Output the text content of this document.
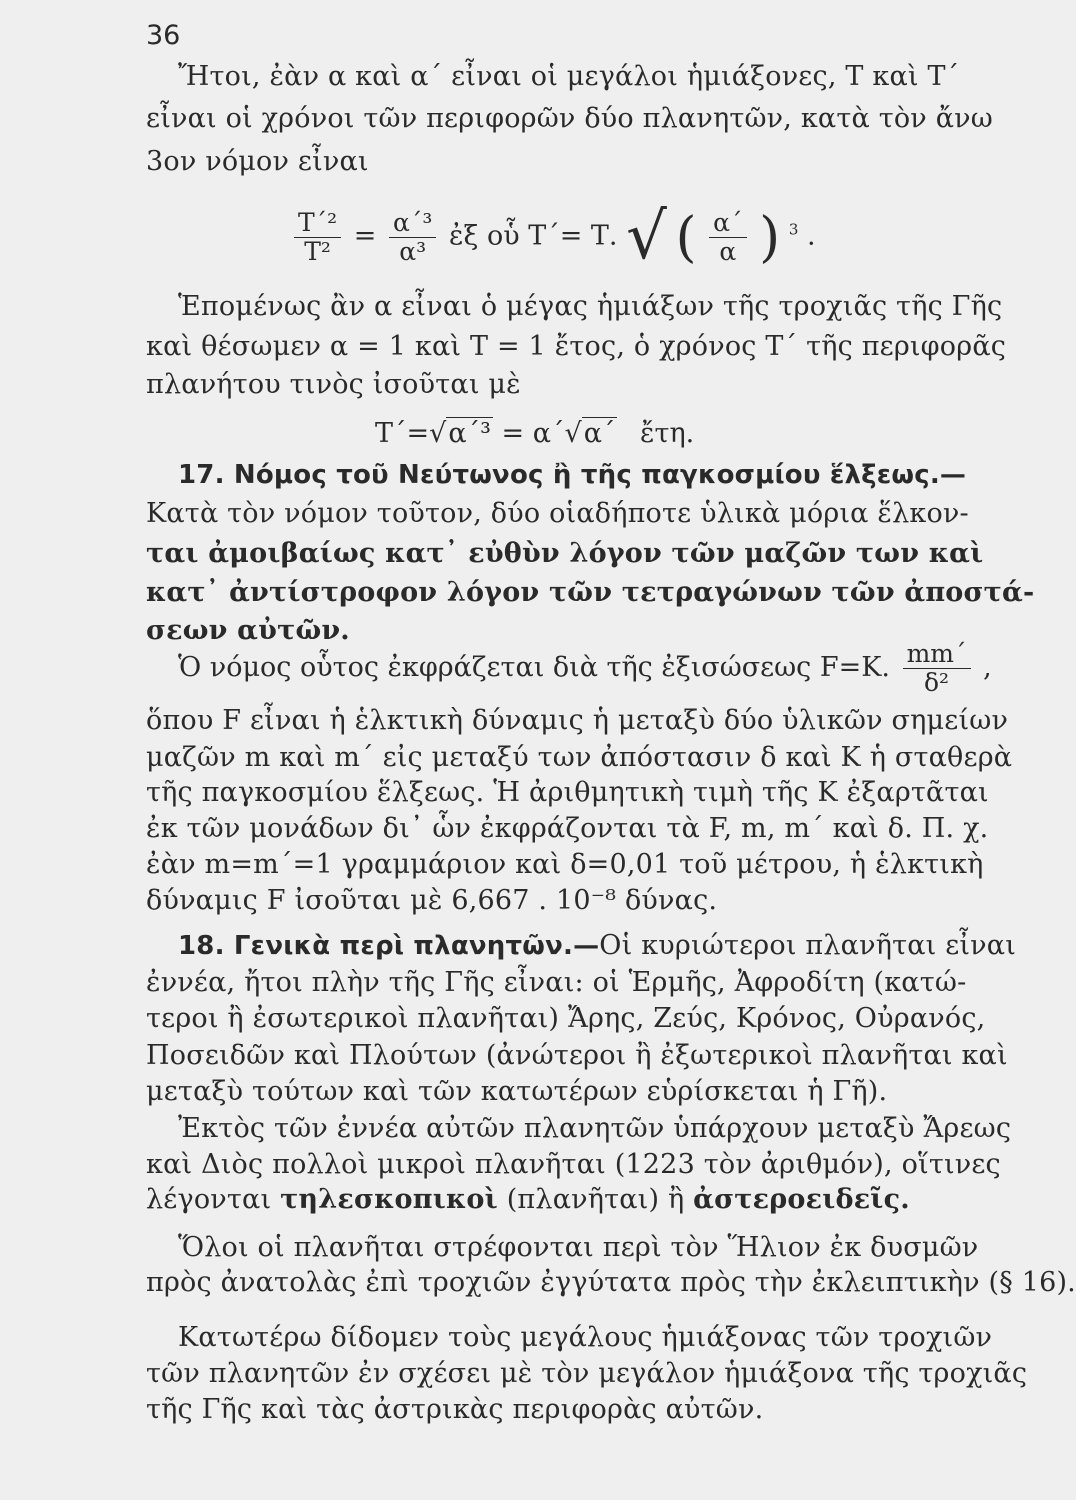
36
Ἤτοι, ἐὰν α καὶ α΄ εἶναι οἱ μεγάλοι ἡμιάξονες, Τ καὶ Τ΄
εἶναι οἱ χρόνοι τῶν περιφορῶν δύο πλανητῶν, κατὰ τὸν ἄνω
3ον νόμον εἶναι
$\frac{\text{Τ΄²}}{\text{Τ²}} = \frac{\text{α΄³}}{\text{α³}}$ ἐξ οὗ Τ΄= Τ. √ ( $\frac{\alpha΄}{\alpha}$ ) $^3$ .
Ἑπομένως ἂν α εἶναι ὁ μέγας ἡμιάξων τῆς τροχιᾶς τῆς Γῆς
καὶ θέσωμεν α = 1 καὶ Τ = 1 ἔτος, ὁ χρόνος Τ΄ τῆς περιφορᾶς
πλανήτου τινὸς ἰσοῦται μὲ
Τ΄=√α΄³ = α΄√α΄ ἔτη.
17. Νόμος τοῦ Νεύτωνος ἢ τῆς παγκοσμίου ἕλξεως.—
Κατὰ τὸν νόμον τοῦτον, δύο οἱαδήποτε ὑλικὰ μόρια ἕλκον-
ται ἀμοιβαίως κατ᾿ εὐθὺν λόγον τῶν μαζῶν των καὶ
κατ᾿ ἀντίστροφον λόγον τῶν τετραγώνων τῶν ἀποστά-
σεων αὐτῶν.
Ὁ νόμος οὗτος ἐκφράζεται διὰ τῆς ἐξισώσεως F=K. $\frac{mm΄}{\text{δ²}}$ ,
ὅπου F εἶναι ἡ ἑλκτικὴ δύναμις ἡ μεταξὺ δύο ὑλικῶν σημείων
μαζῶν m καὶ m΄ εἰς μεταξύ των ἀπόστασιν δ καὶ K ἡ σταθερὰ
τῆς παγκοσμίου ἕλξεως. Ἡ ἀριθμητικὴ τιμὴ τῆς K ἐξαρτᾶται
ἐκ τῶν μονάδων δι᾿ ὧν ἐκφράζονται τὰ F, m, m΄ καὶ δ. Π. χ.
ἐὰν m=m΄=1 γραμμάριον καὶ δ=0,01 τοῦ μέτρου, ἡ ἑλκτικὴ
δύναμις F ἰσοῦται μὲ 6,667 . 10⁻⁸ δύνας.
18. Γενικὰ περὶ πλανητῶν.—Οἱ κυριώτεροι πλανῆται εἶναι
ἐννέα, ἤτοι πλὴν τῆς Γῆς εἶναι: οἱ Ἑρμῆς, Ἀφροδίτη (κατώ-
τεροι ἢ ἐσωτερικοὶ πλανῆται) Ἄρης, Ζεύς, Κρόνος, Οὐρανός,
Ποσειδῶν καὶ Πλούτων (ἀνώτεροι ἢ ἐξωτερικοὶ πλανῆται καὶ
μεταξὺ τούτων καὶ τῶν κατωτέρων εὑρίσκεται ἡ Γῆ).
Ἐκτὸς τῶν ἐννέα αὐτῶν πλανητῶν ὑπάρχουν μεταξὺ Ἄρεως
καὶ Διὸς πολλοὶ μικροὶ πλανῆται (1223 τὸν ἀριθμόν), οἵτινες
λέγονται τηλεσκοπικοὶ (πλανῆται) ἢ ἀστεροειδεῖς.
Ὅλοι οἱ πλανῆται στρέφονται περὶ τὸν Ἥλιον ἐκ δυσμῶν
πρὸς ἀνατολὰς ἐπὶ τροχιῶν ἐγγύτατα πρὸς τὴν ἐκλειπτικὴν (§ 16).
Κατωτέρω δίδομεν τοὺς μεγάλους ἡμιάξονας τῶν τροχιῶν
τῶν πλανητῶν ἐν σχέσει μὲ τὸν μεγάλον ἡμιάξονα τῆς τροχιᾶς
τῆς Γῆς καὶ τὰς ἀστρικὰς περιφορὰς αὐτῶν.
